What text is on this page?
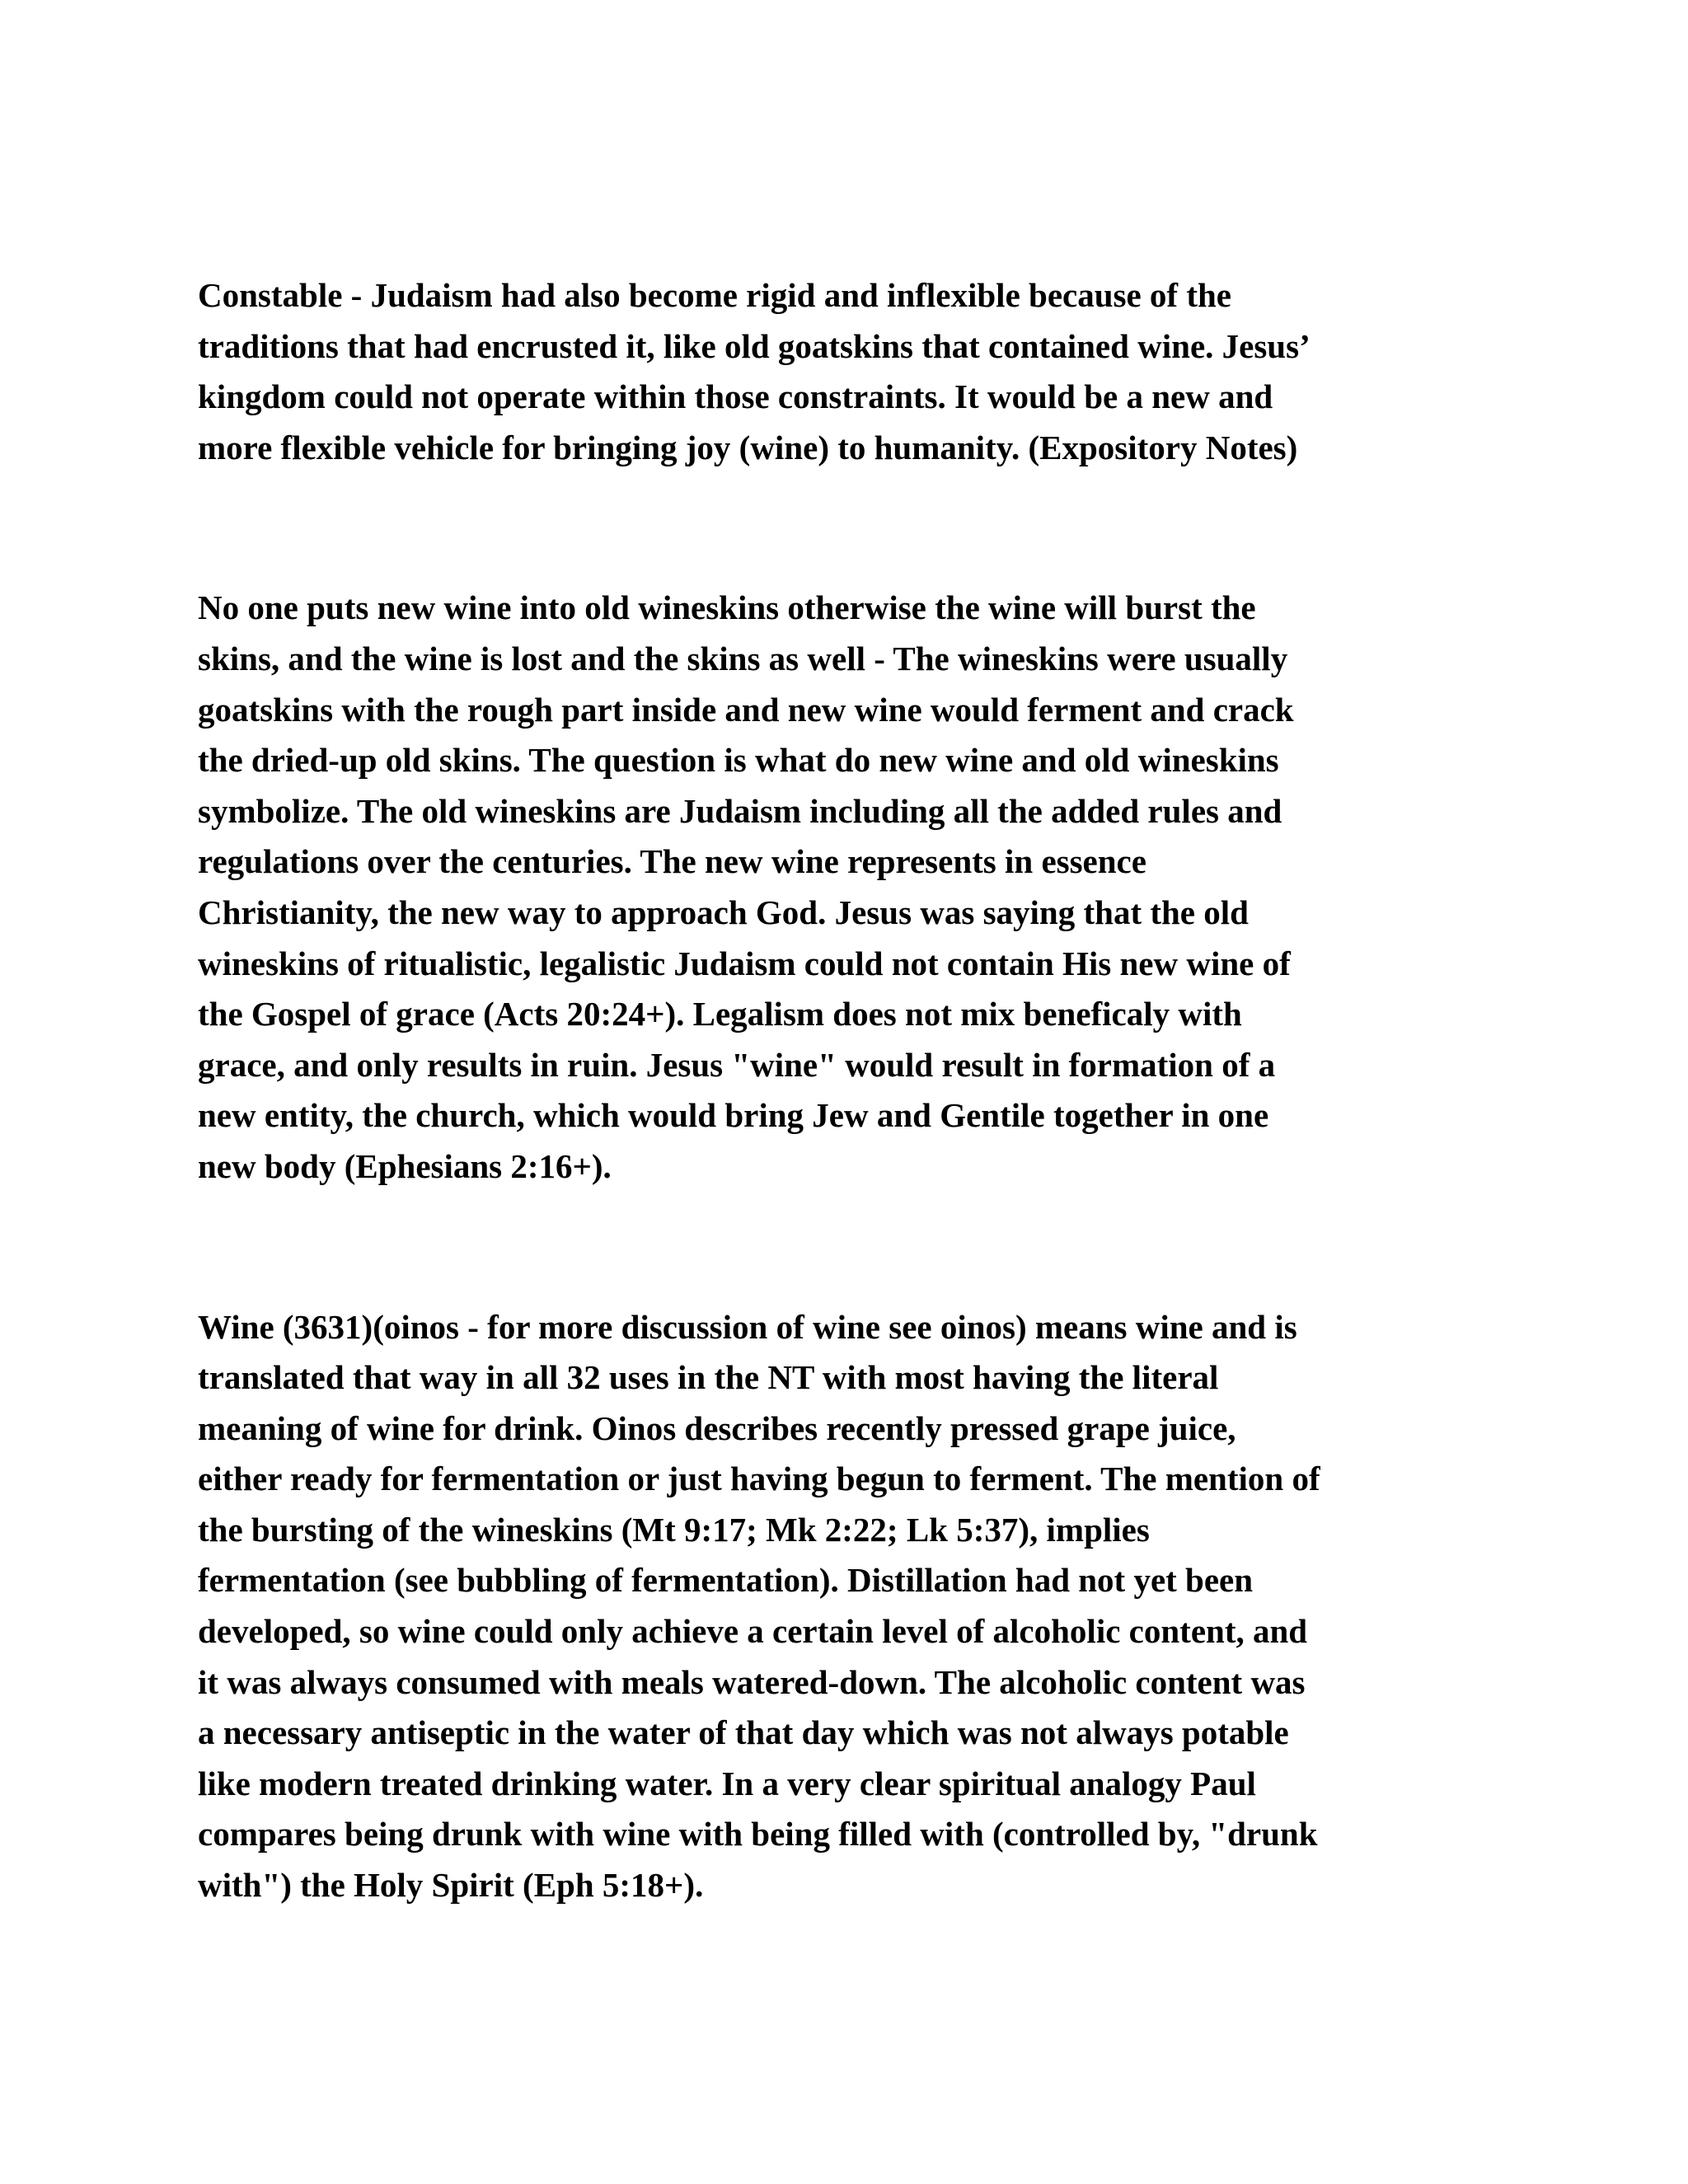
Constable - Judaism had also become rigid and inflexible because of the
traditions that had encrusted it, like old goatskins that contained wine. Jesus’
kingdom could not operate within those constraints. It would be a new and
more flexible vehicle for bringing joy (wine) to humanity. (Expository Notes)

No one puts new wine into old wineskins otherwise the wine will burst the
skins, and the wine is lost and the skins as well - The wineskins were usually
goatskins with the rough part inside and new wine would ferment and crack
the dried-up old skins. The question is what do new wine and old wineskins
symbolize. The old wineskins are Judaism including all the added rules and
regulations over the centuries. The new wine represents in essence
Christianity, the new way to approach God. Jesus was saying that the old
wineskins of ritualistic, legalistic Judaism could not contain His new wine of
the Gospel of grace (Acts 20:24+). Legalism does not mix beneficaly with
grace, and only results in ruin. Jesus "wine" would result in formation of a
new entity, the church, which would bring Jew and Gentile together in one
new body (Ephesians 2:16+).

Wine (3631)(oinos - for more discussion of wine see oinos) means wine and is
translated that way in all 32 uses in the NT with most having the literal
meaning of wine for drink. Oinos describes recently pressed grape juice,
either ready for fermentation or just having begun to ferment. The mention of
the bursting of the wineskins (Mt 9:17; Mk 2:22; Lk 5:37), implies
fermentation (see bubbling of fermentation). Distillation had not yet been
developed, so wine could only achieve a certain level of alcoholic content, and
it was always consumed with meals watered-down. The alcoholic content was
a necessary antiseptic in the water of that day which was not always potable
like modern treated drinking water. In a very clear spiritual analogy Paul
compares being drunk with wine with being filled with (controlled by, "drunk
with") the Holy Spirit (Eph 5:18+).
